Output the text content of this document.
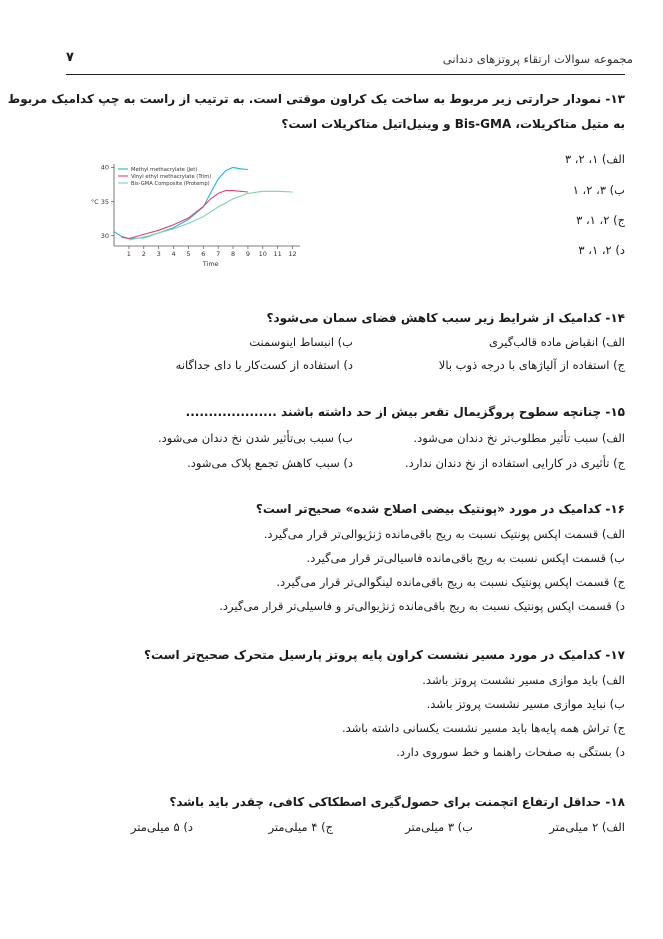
مجموعه سوالات ارتقاء پروتزهای دندانی
۷
۱۳- نمودار حرارتی زیر مربوط به ساخت یک کراون موقتی است. به ترتیب از راست به چپ کدامیک مربوط
به متیل متاکریلات، Bis-GMA و وینیل‌اتیل متاکریلات است؟
الف) ۱، ۲، ۳
ب) ۳، ۲، ۱
ج) ۲، ۱، ۳
د) ۲، ۱، ۳
1 2 3 4 5 6 7 8 9 10 11 12
30
°C 35
40
Time
Methyl methacrylate (Jet)
Vinyl ethyl methacrylate (Trim)
Bis-GMA Composite (Protemp)
۱۴- کدامیک از شرایط زیر سبب کاهش فضای سمان می‌شود؟
الف) انقباض ماده قالب‌گیری
ب) انبساط اینوسمنت
ج) استفاده از آلیاژهای با درجه ذوب بالا
د) استفاده از کست‌کار با دای جداگانه
۱۵- چنانچه سطوح پروگزیمال تقعر بیش از حد داشته باشند ....................
الف) سبب تأثیر مطلوب‌تر نخ دندان می‌شود.
ب) سبب بی‌تأثیر شدن نخ دندان می‌شود.
ج) تأثیری در کارایی استفاده از نخ دندان ندارد.
د) سبب کاهش تجمع پلاک می‌شود.
۱۶- کدامیک در مورد «پونتیک بیضی اصلاح شده» صحیح‌تر است؟
الف) قسمت اپکس پونتیک نسبت به ریج باقی‌مانده ژنژیوالی‌تر قرار می‌گیرد.
ب) قسمت اپکس نسبت به ریج باقی‌مانده فاسیالی‌تر قرار می‌گیرد.
ج) قسمت اپکس پونتیک نسبت به ریج باقی‌مانده لینگوالی‌تر قرار می‌گیرد.
د) قسمت اپکس پونتیک نسبت به ریج باقی‌مانده ژنژیوالی‌تر و فاسیلی‌تر قرار می‌گیرد.
۱۷- کدامیک در مورد مسیر نشست کراون پایه پروتز پارسیل متحرک صحیح‌تر است؟
الف) باید موازی مسیر نشست پروتز باشد.
ب) نباید موازی مسیر نشست پروتز باشد.
ج) تراش همه پایه‌ها باید مسیر نشست یکسانی داشته باشد.
د) بستگی به صفحات راهنما و خط سوروی دارد.
۱۸- حداقل ارتفاع اتچمنت برای حصول‌گیری اصطکاکی کافی، چقدر باید باشد؟
الف) ۲ میلی‌متر
ب) ۳ میلی‌متر
ج) ۴ میلی‌متر
د) ۵ میلی‌متر
